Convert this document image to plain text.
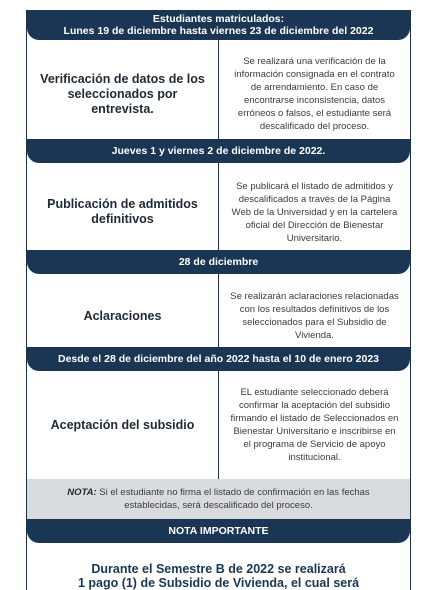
Estudiantes matriculados:
Lunes 19 de diciembre hasta viernes 23 de diciembre del 2022
Verificación de datos de los seleccionados por entrevista.
Se realizará una verificación de la información consignada en el contrato de arrendamiento. En caso de encontrarse inconsistencia, datos erróneos o falsos, el estudiante será descalificado del proceso.
Jueves 1 y viernes 2 de diciembre de 2022.
Publicación de admitidos definitivos
Se publicará el listado de admitidos y descalificados a través de la Página Web de la Universidad y en la cartelera oficial del Dirección de Bienestar Universitario.
28 de diciembre
Aclaraciones
Se realizarán aclaraciones relacionadas con los resultados definitivos de los seleccionados para el Subsidio de Vivienda.
Desde el 28 de diciembre del año 2022 hasta el 10 de enero 2023
Aceptación del subsidio
EL estudiante seleccionado deberá confirmar la aceptación del subsidio firmando el listado de Seleccionados en Bienestar Universitario e inscribirse en el programa de Servicio de apoyo institucional.
NOTA: Si el estudiante no firma el listado de confirmación en las fechas establecidas, será descalificado del proceso.
NOTA IMPORTANTE
Durante el Semestre B de 2022 se realizará
1 pago (1) de Subsidio de Vivienda, el cual será
